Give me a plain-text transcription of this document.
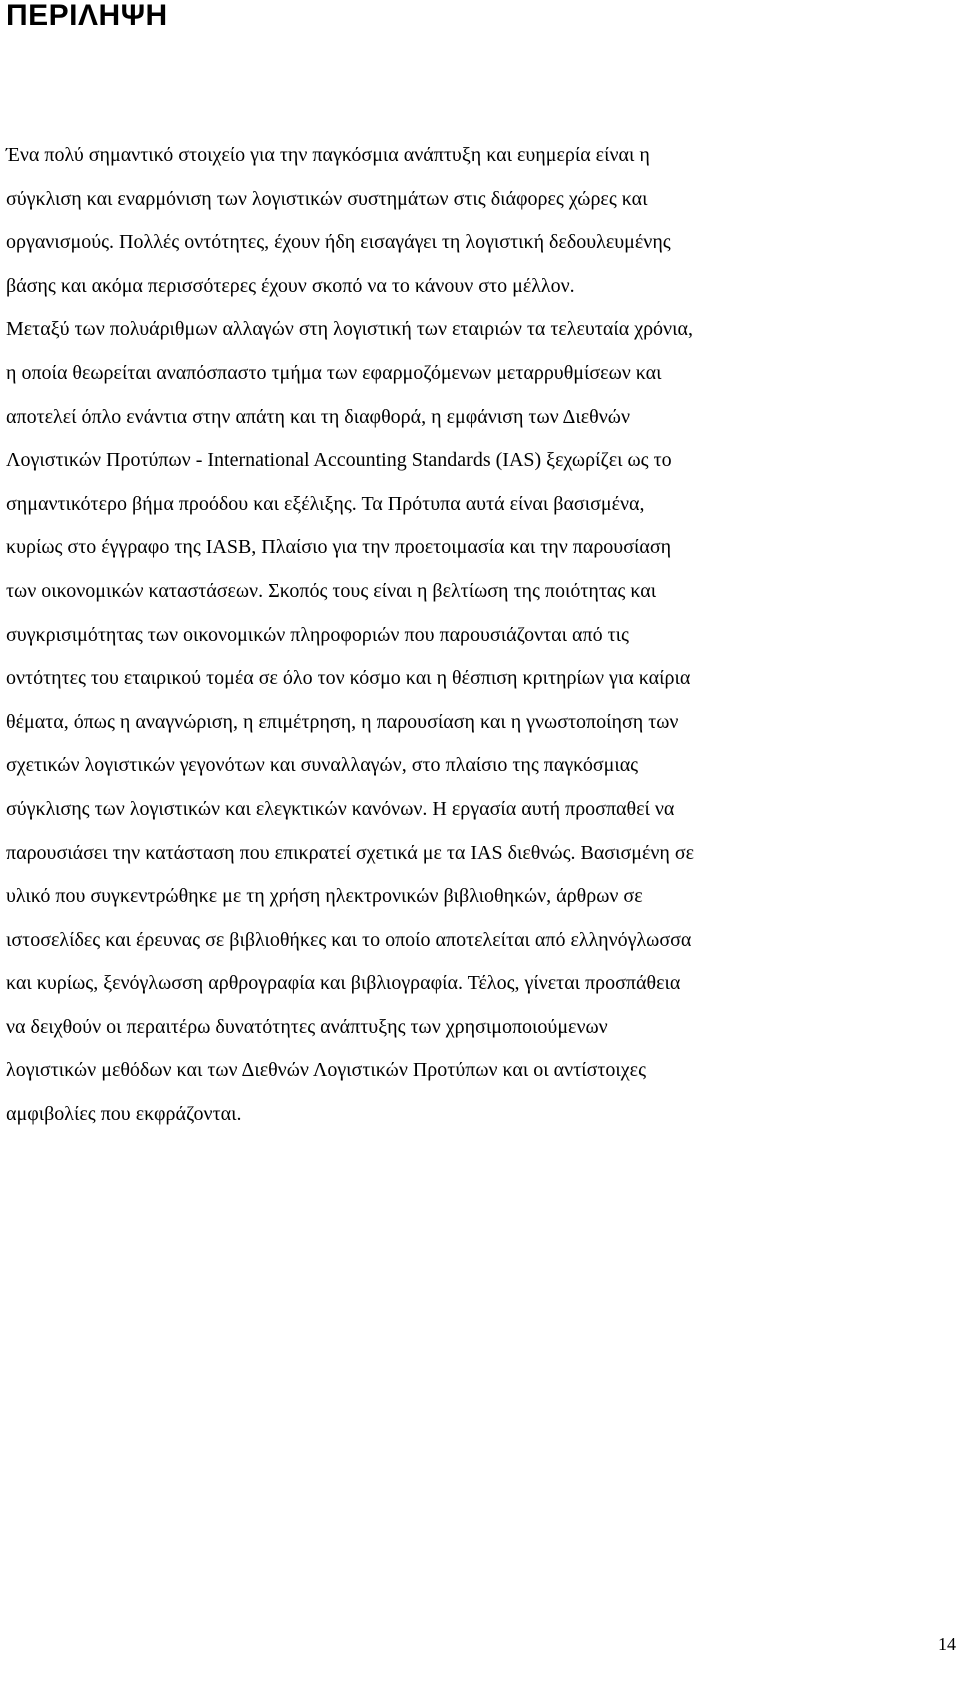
ΠΕΡΙΛΗΨΗ
Ένα πολύ σημαντικό στοιχείο για την παγκόσμια ανάπτυξη και ευημερία είναι η
σύγκλιση και εναρμόνιση των λογιστικών συστημάτων στις διάφορες χώρες και
οργανισμούς. Πολλές οντότητες, έχουν ήδη εισαγάγει τη λογιστική δεδουλευμένης
βάσης και ακόμα περισσότερες έχουν σκοπό να το κάνουν στο μέλλον.
Μεταξύ των πολυάριθμων αλλαγών στη λογιστική των εταιριών τα τελευταία χρόνια,
η οποία θεωρείται αναπόσπαστο τμήμα των εφαρμοζόμενων μεταρρυθμίσεων και
αποτελεί όπλο ενάντια στην απάτη και τη διαφθορά, η εμφάνιση των Διεθνών
Λογιστικών Προτύπων - International Accounting Standards (IAS) ξεχωρίζει ως το
σημαντικότερο βήμα προόδου και εξέλιξης. Τα Πρότυπα αυτά είναι βασισμένα,
κυρίως στο έγγραφο της IASB, Πλαίσιο για την προετοιμασία και την παρουσίαση
των οικονομικών καταστάσεων. Σκοπός τους είναι η βελτίωση της ποιότητας και
συγκρισιμότητας των οικονομικών πληροφοριών που παρουσιάζονται από τις
οντότητες του εταιρικού τομέα σε όλο τον κόσμο και η θέσπιση κριτηρίων για καίρια
θέματα, όπως η αναγνώριση, η επιμέτρηση, η παρουσίαση και η γνωστοποίηση των
σχετικών λογιστικών γεγονότων και συναλλαγών, στο πλαίσιο της παγκόσμιας
σύγκλισης των λογιστικών και ελεγκτικών κανόνων. Η εργασία αυτή προσπαθεί να
παρουσιάσει την κατάσταση που επικρατεί σχετικά με τα IAS διεθνώς. Βασισμένη σε
υλικό που συγκεντρώθηκε με τη χρήση ηλεκτρονικών βιβλιοθηκών, άρθρων σε
ιστοσελίδες και έρευνας σε βιβλιοθήκες και το οποίο αποτελείται από ελληνόγλωσσα
και κυρίως, ξενόγλωσση αρθρογραφία και βιβλιογραφία. Τέλος, γίνεται προσπάθεια
να δειχθούν οι περαιτέρω δυνατότητες ανάπτυξης των χρησιμοποιούμενων
λογιστικών μεθόδων και των Διεθνών Λογιστικών Προτύπων και οι αντίστοιχες
αμφιβολίες που εκφράζονται.
14
